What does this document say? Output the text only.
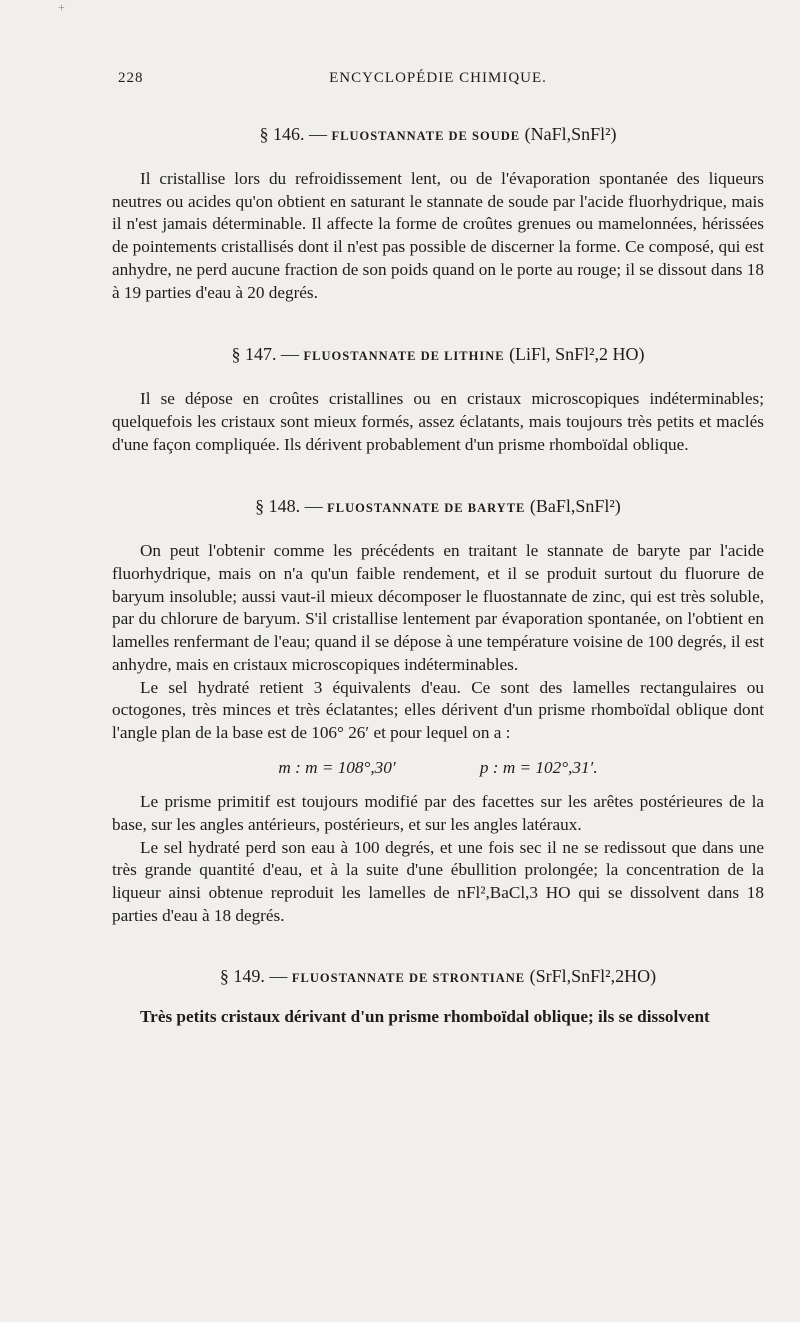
228	ENCYCLOPÉDIE CHIMIQUE.
§ 146. — FLUOSTANNATE DE SOUDE (NaFl,SnFl²)

Il cristallise lors du refroidissement lent, ou de l'évaporation spontanée des liqueurs neutres ou acides qu'on obtient en saturant le stannate de soude par l'acide fluorhydrique, mais il n'est jamais déterminable. Il affecte la forme de croûtes grenues ou mamelonnées, hérissées de pointements cristallisés dont il n'est pas possible de discerner la forme. Ce composé, qui est anhydre, ne perd aucune fraction de son poids quand on le porte au rouge; il se dissout dans 18 à 19 parties d'eau à 20 degrés.

§ 147. — FLUOSTANNATE DE LITHINE (LiFl, SnFl²,2 HO)

Il se dépose en croûtes cristallines ou en cristaux microscopiques indéterminables; quelquefois les cristaux sont mieux formés, assez éclatants, mais toujours très petits et maclés d'une façon compliquée. Ils dérivent probablement d'un prisme rhomboïdal oblique.

§ 148. — FLUOSTANNATE DE BARYTE (BaFl,SnFl²)

On peut l'obtenir comme les précédents en traitant le stannate de baryte par l'acide fluorhydrique, mais on n'a qu'un faible rendement, et il se produit surtout du fluorure de baryum insoluble; aussi vaut-il mieux décomposer le fluostannate de zinc, qui est très soluble, par du chlorure de baryum. S'il cristallise lentement par évaporation spontanée, on l'obtient en lamelles renfermant de l'eau; quand il se dépose à une température voisine de 100 degrés, il est anhydre, mais en cristaux microscopiques indéterminables.

Le sel hydraté retient 3 équivalents d'eau. Ce sont des lamelles rectangulaires ou octogones, très minces et très éclatantes; elles dérivent d'un prisme rhomboïdal oblique dont l'angle plan de la base est de 106° 26′ et pour lequel on a :

m : m = 108°,30′	p : m = 102°,31′.

Le prisme primitif est toujours modifié par des facettes sur les arêtes postérieures de la base, sur les angles antérieurs, postérieurs, et sur les angles latéraux.

Le sel hydraté perd son eau à 100 degrés, et une fois sec il ne se redissout que dans une très grande quantité d'eau, et à la suite d'une ébullition prolongée; la concentration de la liqueur ainsi obtenue reproduit les lamelles de nFl²,BaCl,3 HO qui se dissolvent dans 18 parties d'eau à 18 degrés.

§ 149. — FLUOSTANNATE DE STRONTIANE (SrFl,SnFl²,2HO)

Très petits cristaux dérivant d'un prisme rhomboïdal oblique; ils se dissolvent

+
